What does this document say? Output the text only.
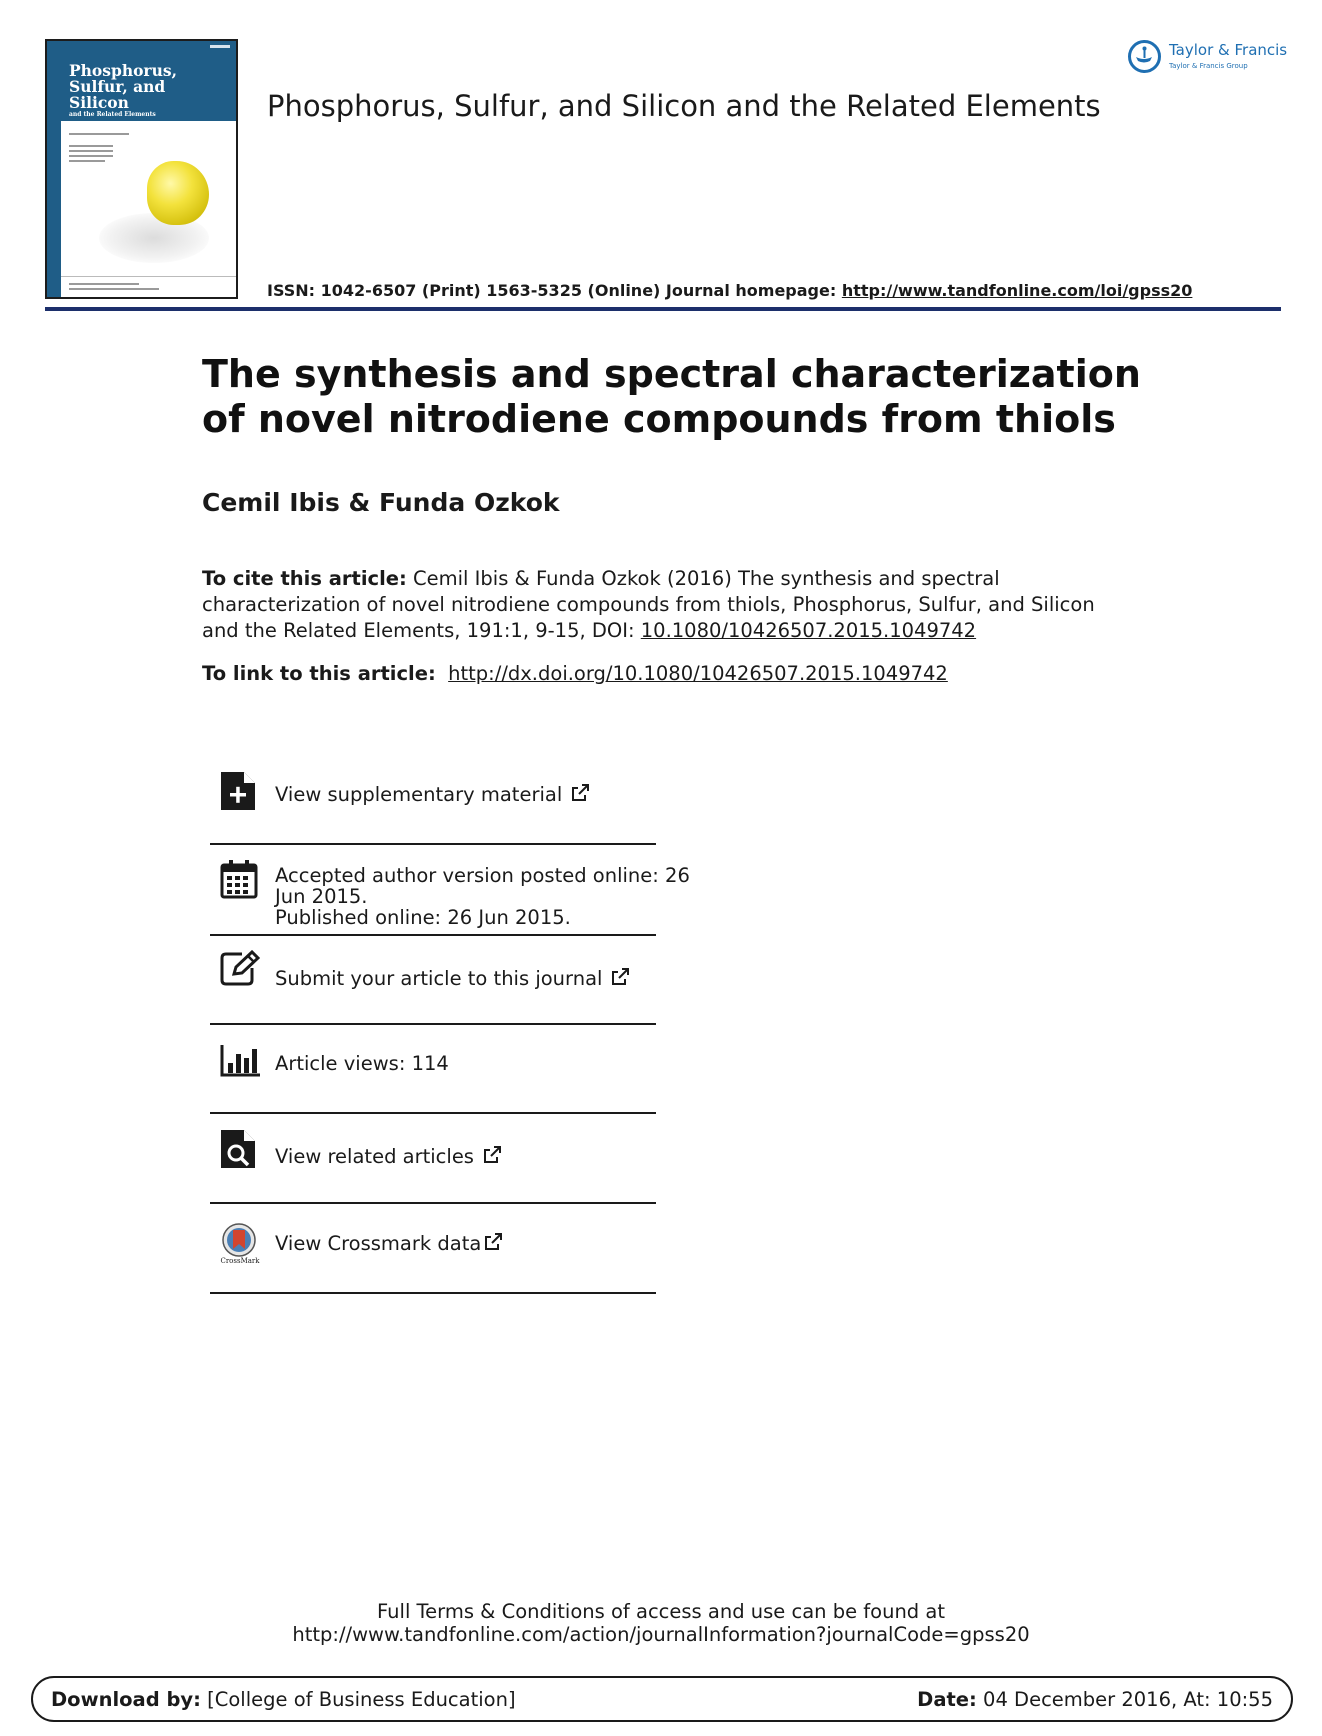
Phosphorus,
Sulfur, and
Silicon
and the Related Elements	Phosphorus, Sulfur, and Silicon and the Related Elements
Taylor & Francis
Taylor & Francis Group
ISSN: 1042-6507 (Print) 1563-5325 (Online) Journal homepage: http://www.tandfonline.com/loi/gpss20
The synthesis and spectral characterization of novel nitrodiene compounds from thiols
Cemil Ibis & Funda Ozkok
To cite this article: Cemil Ibis & Funda Ozkok (2016) The synthesis and spectral characterization of novel nitrodiene compounds from thiols, Phosphorus, Sulfur, and Silicon and the Related Elements, 191:1, 9-15, DOI: 10.1080/10426507.2015.1049742
To link to this article: http://dx.doi.org/10.1080/10426507.2015.1049742
View supplementary material
Accepted author version posted online: 26
Jun 2015.
Published online: 26 Jun 2015.
Submit your article to this journal
Article views: 114
View related articles
CrossMark
View Crossmark data
Full Terms & Conditions of access and use can be found at
http://www.tandfonline.com/action/journalInformation?journalCode=gpss20
Download by: [College of Business Education]	Date: 04 December 2016, At: 10:55
